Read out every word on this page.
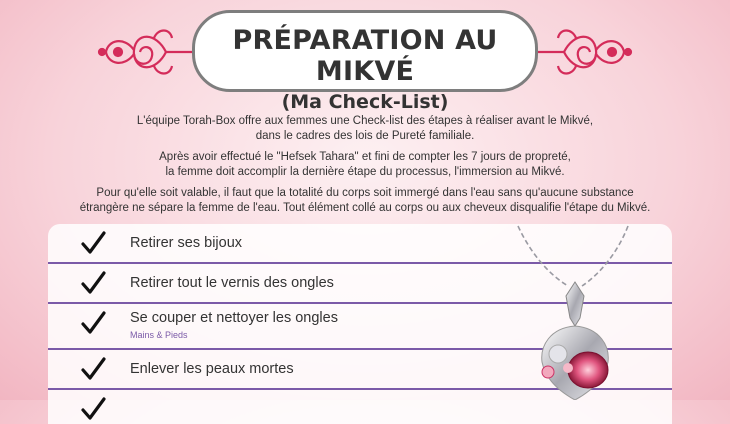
PRÉPARATION AU MIKVÉ
(Ma Check-List)

L'équipe Torah-Box offre aux femmes une Check-list des étapes à réaliser avant le Mikvé,
dans le cadres des lois de Pureté familiale.

Après avoir effectué le "Hefsek Tahara" et fini de compter les 7 jours de propreté,
la femme doit accomplir la dernière étape du processus, l'immersion au Mikvé.

Pour qu'elle soit valable, il faut que la totalité du corps soit immergé dans l'eau sans qu'aucune substance
étrangère ne sépare la femme de l'eau. Tout élément collé au corps ou aux cheveux disqualifie l'étape du Mikvé.

Retirer ses bijoux
Retirer tout le vernis des ongles
Se couper et nettoyer les ongles
Mains & Pieds
Enlever les peaux mortes
